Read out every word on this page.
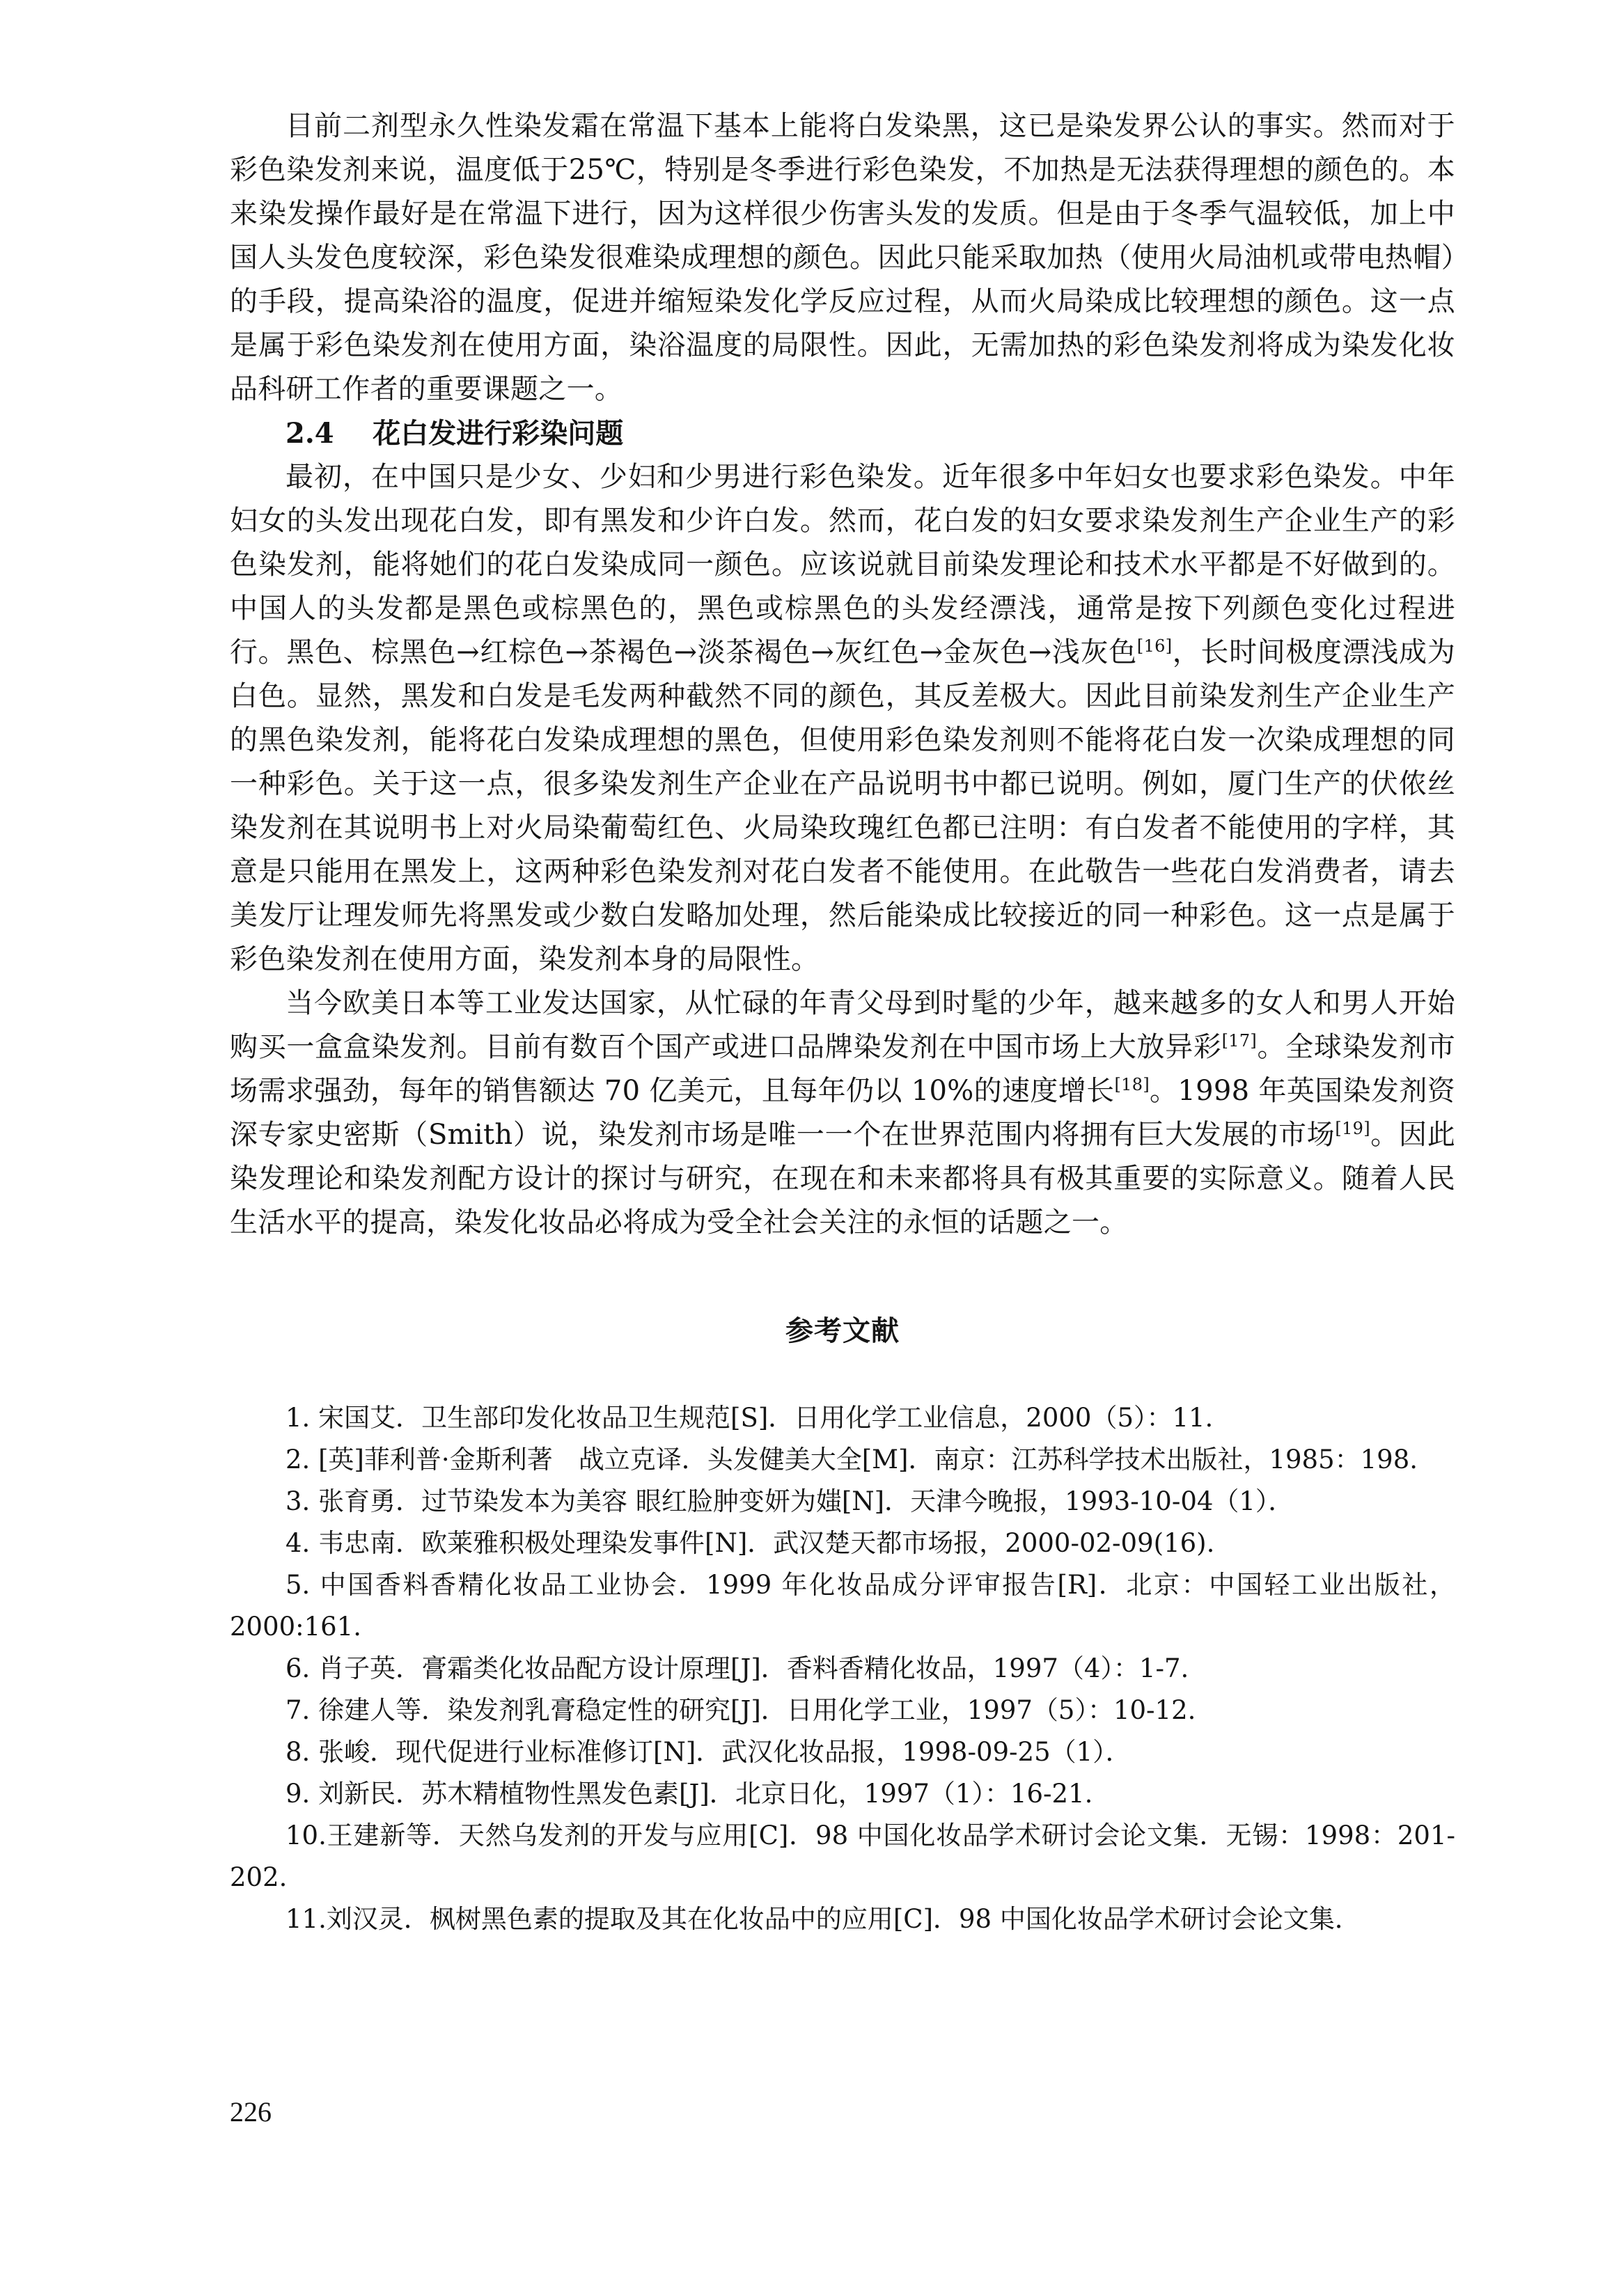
目前二剂型永久性染发霜在常温下基本上能将白发染黑，这已是染发界公认的事实。然而对于彩色染发剂来说，温度低于25℃，特别是冬季进行彩色染发，不加热是无法获得理想的颜色的。本来染发操作最好是在常温下进行，因为这样很少伤害头发的发质。但是由于冬季气温较低，加上中国人头发色度较深，彩色染发很难染成理想的颜色。因此只能采取加热（使用火局油机或带电热帽）的手段，提高染浴的温度，促进并缩短染发化学反应过程，从而火局染成比较理想的颜色。这一点是属于彩色染发剂在使用方面，染浴温度的局限性。因此，无需加热的彩色染发剂将成为染发化妆品科研工作者的重要课题之一。

2.4 花白发进行彩染问题

最初，在中国只是少女、少妇和少男进行彩色染发。近年很多中年妇女也要求彩色染发。中年妇女的头发出现花白发，即有黑发和少许白发。然而，花白发的妇女要求染发剂生产企业生产的彩色染发剂，能将她们的花白发染成同一颜色。应该说就目前染发理论和技术水平都是不好做到的。中国人的头发都是黑色或棕黑色的，黑色或棕黑色的头发经漂浅，通常是按下列颜色变化过程进行。黑色、棕黑色→红棕色→茶褐色→淡茶褐色→灰红色→金灰色→浅灰色[16]，长时间极度漂浅成为白色。显然，黑发和白发是毛发两种截然不同的颜色，其反差极大。因此目前染发剂生产企业生产的黑色染发剂，能将花白发染成理想的黑色，但使用彩色染发剂则不能将花白发一次染成理想的同一种彩色。关于这一点，很多染发剂生产企业在产品说明书中都已说明。例如，厦门生产的伏侬丝染发剂在其说明书上对火局染葡萄红色、火局染玫瑰红色都已注明：有白发者不能使用的字样，其意是只能用在黑发上，这两种彩色染发剂对花白发者不能使用。在此敬告一些花白发消费者，请去美发厅让理发师先将黑发或少数白发略加处理，然后能染成比较接近的同一种彩色。这一点是属于彩色染发剂在使用方面，染发剂本身的局限性。

当今欧美日本等工业发达国家，从忙碌的年青父母到时髦的少年，越来越多的女人和男人开始购买一盒盒染发剂。目前有数百个国产或进口品牌染发剂在中国市场上大放异彩[17]。全球染发剂市场需求强劲，每年的销售额达 70 亿美元，且每年仍以 10%的速度增长[18]。1998 年英国染发剂资深专家史密斯（Smith）说，染发剂市场是唯一一个在世界范围内将拥有巨大发展的市场[19]。因此染发理论和染发剂配方设计的探讨与研究，在现在和未来都将具有极其重要的实际意义。随着人民生活水平的提高，染发化妆品必将成为受全社会关注的永恒的话题之一。

参考文献

1. 宋国艾．卫生部印发化妆品卫生规范[S]．日用化学工业信息，2000（5）：11.

2. [英]菲利普·金斯利著　战立克译．头发健美大全[M]．南京：江苏科学技术出版社，1985：198.

3. 张育勇．过节染发本为美容 眼红脸肿变妍为媸[N]．天津今晚报，1993-10-04（1）．

4. 韦忠南．欧莱雅积极处理染发事件[N]．武汉楚天都市场报，2000-02-09(16).

5. 中国香料香精化妆品工业协会．1999 年化妆品成分评审报告[R]．北京：中国轻工业出版社，2000:161.

6. 肖子英．膏霜类化妆品配方设计原理[J]．香料香精化妆品，1997（4）：1-7.

7. 徐建人等．染发剂乳膏稳定性的研究[J]．日用化学工业，1997（5）：10-12.

8. 张峻．现代促进行业标准修订[N]．武汉化妆品报，1998-09-25（1）．

9. 刘新民．苏木精植物性黑发色素[J]．北京日化，1997（1）：16-21.

10.王建新等．天然乌发剂的开发与应用[C]．98 中国化妆品学术研讨会论文集．无锡：1998：201-202.

11.刘汉灵．枫树黑色素的提取及其在化妆品中的应用[C]．98 中国化妆品学术研讨会论文集．

226
